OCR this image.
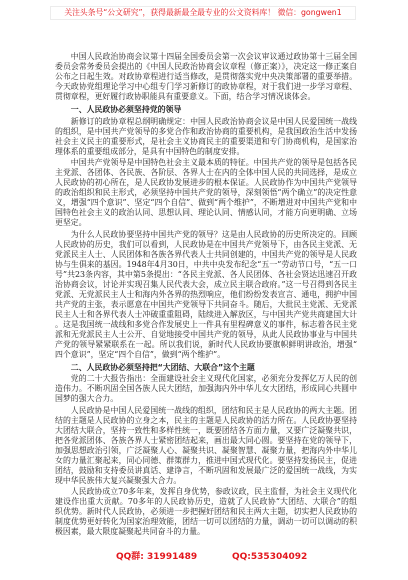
关注头条号“公文研究”，获得最新最全最专业的公文资料库！ 微信：gongwen1

中国人民政治协商会议第十四届全国委员会第一次会议审议通过政协第十三届全国委员会常务委员会提出的《中国人民政治协商会议章程（修正案）》，决定这一修正案自公布之日起生效。对政协章程进行适当修改，是贯彻落实党中央决策部署的重要举措。今天政协党组理论学习中心组专门学习新修订的政协章程，对于我们进一步学习章程、贯彻章程，更好履行政协职能具有重要意义。下面，结合学习情况谈体会。

一、人民政协必须坚持党的领导

新修订的政协章程总纲明确规定：中国人民政治协商会议是中国人民爱国统一战线的组织，是中国共产党领导的多党合作和政治协商的重要机构，是我国政治生活中发扬社会主义民主的重要形式，是社会主义协商民主的重要渠道和专门协商机构，是国家治理体系的重要组成部分，是具有中国特色的制度安排。

中国共产党领导是中国特色社会主义最本质的特征。中国共产党的领导是包括各民主党派、各团体、各民族、各阶层、各界人士在内的全体中国人民的共同选择，是成立人民政协的初心所在，是人民政协发展进步的根本保证。人民政协作为中国共产党领导的政治组织和民主形式，必须坚持中国共产党的领导，深刻领悟“两个确立”的决定性意义，增强“四个意识”、坚定“四个自信”、做到“两个维护”，不断增进对中国共产党和中国特色社会主义的政治认同、思想认同、理论认同、情感认同，才能方向更明确、立场更坚定。

为什么人民政协要坚持中国共产党的领导？这是由人民政协的历史所决定的。回顾人民政协的历史，我们可以看到，人民政协是在中国共产党领导下，由各民主党派、无党派民主人士、人民团体和各族各界代表人士共同创建的，中国共产党的领导是人民政协与生俱来的基因。1948年4月30日，中共中央发布纪念“五一”劳动节口号，“五一口号”共23条内容，其中第5条提出：“各民主党派、各人民团体、各社会贤达迅速召开政治协商会议，讨论并实现召集人民代表大会，成立民主联合政府。”这一号召得到各民主党派、无党派民主人士和海内外各界的热烈响应，他们纷纷发表宣言、通电，拥护中国共产党的主张，表示愿意在中国共产党领导下共同奋斗。随后，大批民主党派、无党派民主人士和各界代表人士冲破重重阻碍，陆续进入解放区，与中国共产党共商建国大计。这是我国统一战线和多党合作发展史上一件具有里程碑意义的事件，标志着各民主党派和无党派民主人士公开、自觉地接受中国共产党的领导，从此人民政协事业与中国共产党的领导紧紧联系在一起。所以我们说，新时代人民政协要旗帜鲜明讲政治，增强“四个意识”，坚定“四个自信”，做到“两个维护”。

二、人民政协必须坚持把“大团结、大联合”这个主题

党的二十大报告指出：全面建设社会主义现代化国家，必须充分发挥亿万人民的创造伟力。不断巩固全国各族人民大团结，加强海内外中华儿女大团结，形成同心共圆中国梦的强大合力。

人民政协是中国人民爱国统一战线的组织，团结和民主是人民政协的两大主题。团结的主题是人民政协的立身之本，民主的主题是人民政协的活力所在。人民政协要坚持大团结大联合，坚持一致性和多样性统一，既要团结各方面力量，又要广泛凝聚共识，把各党派团体、各族各界人士紧密团结起来，画出最大同心圆。要坚持在党的领导下，加强思想政治引领，广泛凝聚人心、凝聚共识、凝聚智慧、凝聚力量，把海内外中华儿女的力量汇聚起来，同心同德、群策群力，推进中国式现代化。要坚持发扬民主，促进团结，鼓励和支持委员讲真话、建诤言，不断巩固和发展最广泛的爱国统一战线，为实现中华民族伟大复兴凝聚强大合力。

人民政协成立70多年来，发挥自身优势，参政议政，民主监督，为社会主义现代化建设作出重大贡献。70多年的人民政协历史，造就了人民政协“大团结、大联合”的组织优势。新时代人民政协，必须进一步把握好团结和民主两大主题，切实把人民政协的制度优势更好转化为国家治理效能，团结一切可以团结的力量，调动一切可以调动的积极因素，最大限度凝聚起共同奋斗的力量。

QQ群: 31991489	QQ:535304092
